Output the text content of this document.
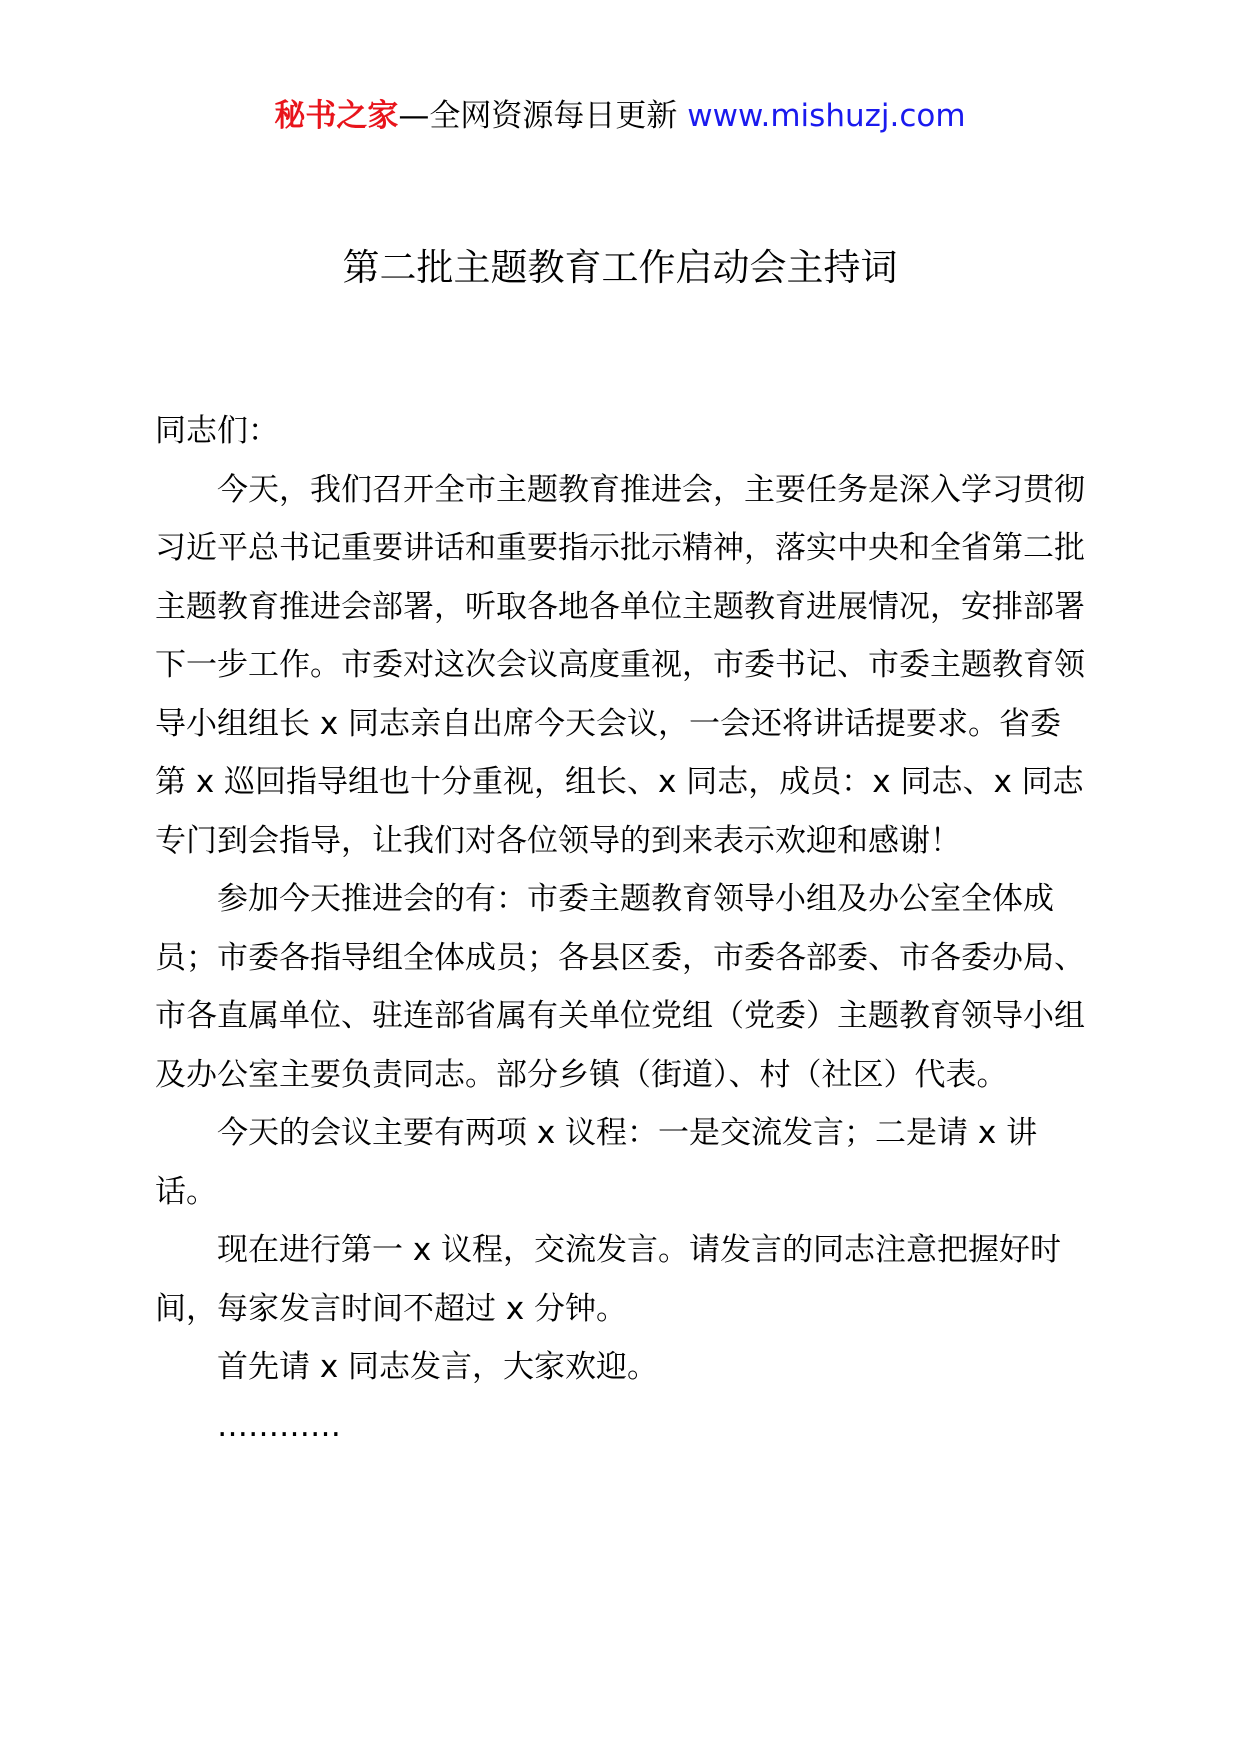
秘书之家—全网资源每日更新 www.mishuzj.com
第二批主题教育工作启动会主持词

同志们：

今天，我们召开全市主题教育推进会，主要任务是深入学习贯彻习近平总书记重要讲话和重要指示批示精神，落实中央和全省第二批主题教育推进会部署，听取各地各单位主题教育进展情况，安排部署下一步工作。市委对这次会议高度重视，市委书记、市委主题教育领导小组组长 x 同志亲自出席今天会议，一会还将讲话提要求。省委第 x 巡回指导组也十分重视，组长、x 同志，成员：x 同志、x 同志专门到会指导，让我们对各位领导的到来表示欢迎和感谢！

参加今天推进会的有：市委主题教育领导小组及办公室全体成员；市委各指导组全体成员；各县区委，市委各部委、市各委办局、市各直属单位、驻连部省属有关单位党组（党委）主题教育领导小组及办公室主要负责同志。部分乡镇（街道）、村（社区）代表。

今天的会议主要有两项 x 议程：一是交流发言；二是请 x 讲话。

现在进行第一 x 议程，交流发言。请发言的同志注意把握好时间，每家发言时间不超过 x 分钟。

首先请 x 同志发言，大家欢迎。

…………
